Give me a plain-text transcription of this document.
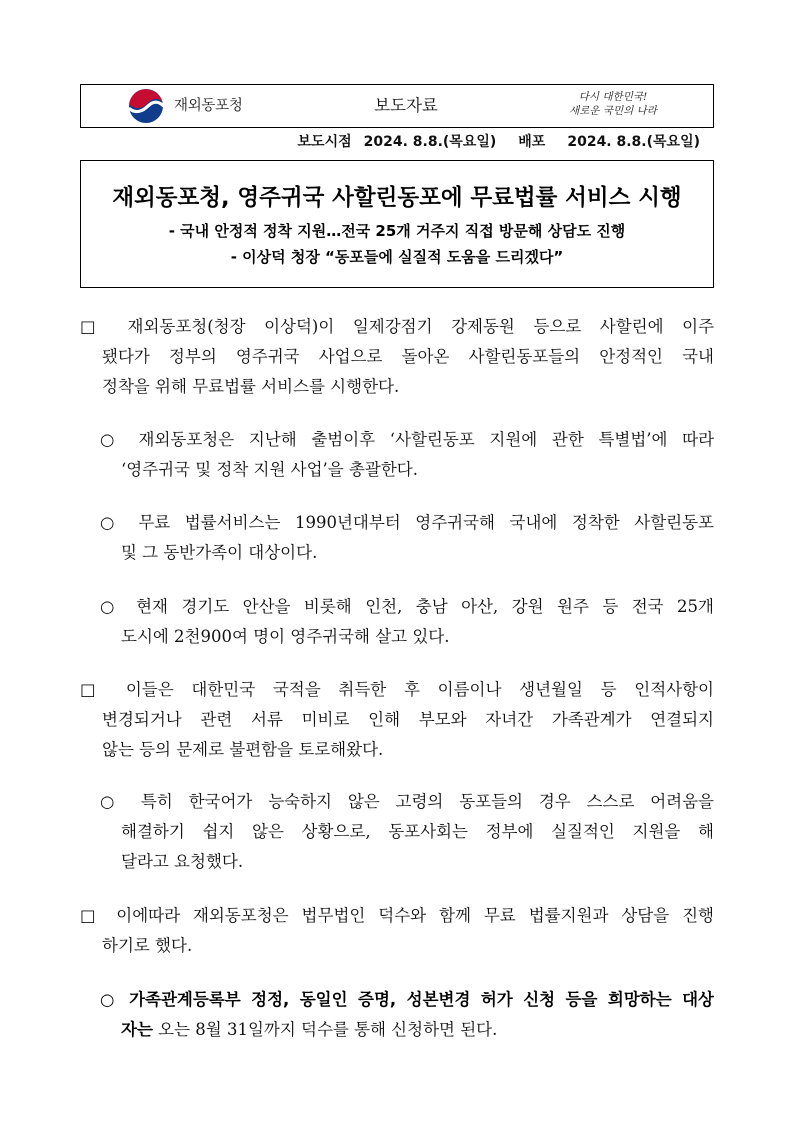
재외동포청	보도자료	다시 대한민국!
새로운 국민의 나라
보도시점 2024. 8.8.(목요일) 배포 2024. 8.8.(목요일)
재외동포청, 영주귀국 사할린동포에 무료법률 서비스 시행
- 국내 안정적 정착 지원…전국 25개 거주지 직접 방문해 상담도 진행
- 이상덕 청장 “동포들에 실질적 도움을 드리겠다”
□ 재외동포청(청장 이상덕)이 일제강점기 강제동원 등으로 사할린에 이주
됐다가 정부의 영주귀국 사업으로 돌아온 사할린동포들의 안정적인 국내
정착을 위해 무료법률 서비스를 시행한다.
○ 재외동포청은 지난해 출범이후 ‘사할린동포 지원에 관한 특별법’에 따라
‘영주귀국 및 정착 지원 사업’을 총괄한다.
○ 무료 법률서비스는 1990년대부터 영주귀국해 국내에 정착한 사할린동포
및 그 동반가족이 대상이다.
○ 현재 경기도 안산을 비롯해 인천, 충남 아산, 강원 원주 등 전국 25개
도시에 2천900여 명이 영주귀국해 살고 있다.
□ 이들은 대한민국 국적을 취득한 후 이름이나 생년월일 등 인적사항이
변경되거나 관련 서류 미비로 인해 부모와 자녀간 가족관계가 연결되지
않는 등의 문제로 불편함을 토로해왔다.
○ 특히 한국어가 능숙하지 않은 고령의 동포들의 경우 스스로 어려움을
해결하기 쉽지 않은 상황으로, 동포사회는 정부에 실질적인 지원을 해
달라고 요청했다.
□ 이에따라 재외동포청은 법무법인 덕수와 함께 무료 법률지원과 상담을 진행
하기로 했다.
○ 가족관계등록부 정정, 동일인 증명, 성본변경 허가 신청 등을 희망하는 대상
자는 오는 8월 31일까지 덕수를 통해 신청하면 된다.
